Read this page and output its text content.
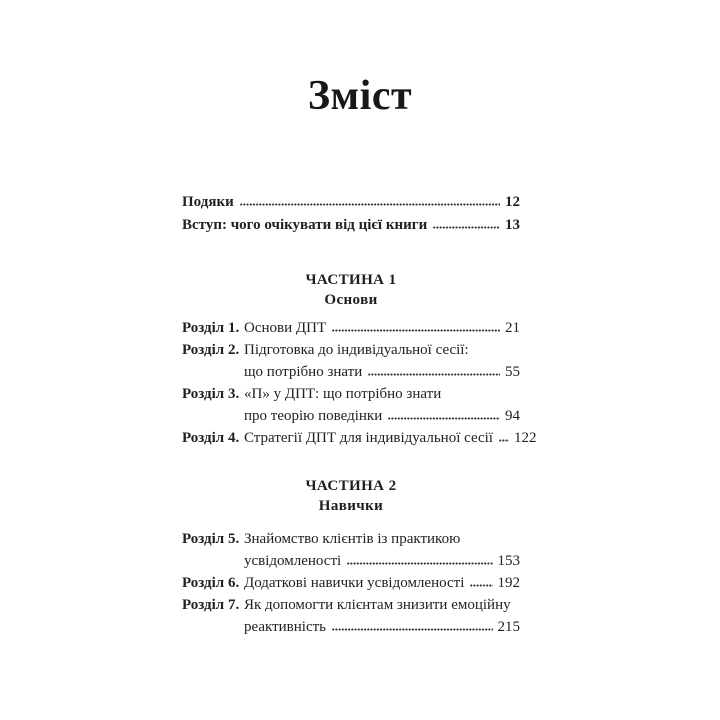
Зміст
Подяки	12
Вступ: чого очікувати від цієї книги	13
ЧАСТИНА 1
Основи
Розділ 1. Основи ДПТ	21
Розділ 2. Підготовка до індивідуальної сесії:
що потрібно знати	55
Розділ 3. «П» у ДПТ: що потрібно знати
про теорію поведінки	94
Розділ 4. Стратегії ДПТ для індивідуальної сесії 122
ЧАСТИНА 2
Навички
Розділ 5. Знайомство клієнтів із практикою
усвідомленості	153
Розділ 6. Додаткові навички усвідомленості 192
Розділ 7. Як допомогти клієнтам знизити емоційну
реактивність	215
